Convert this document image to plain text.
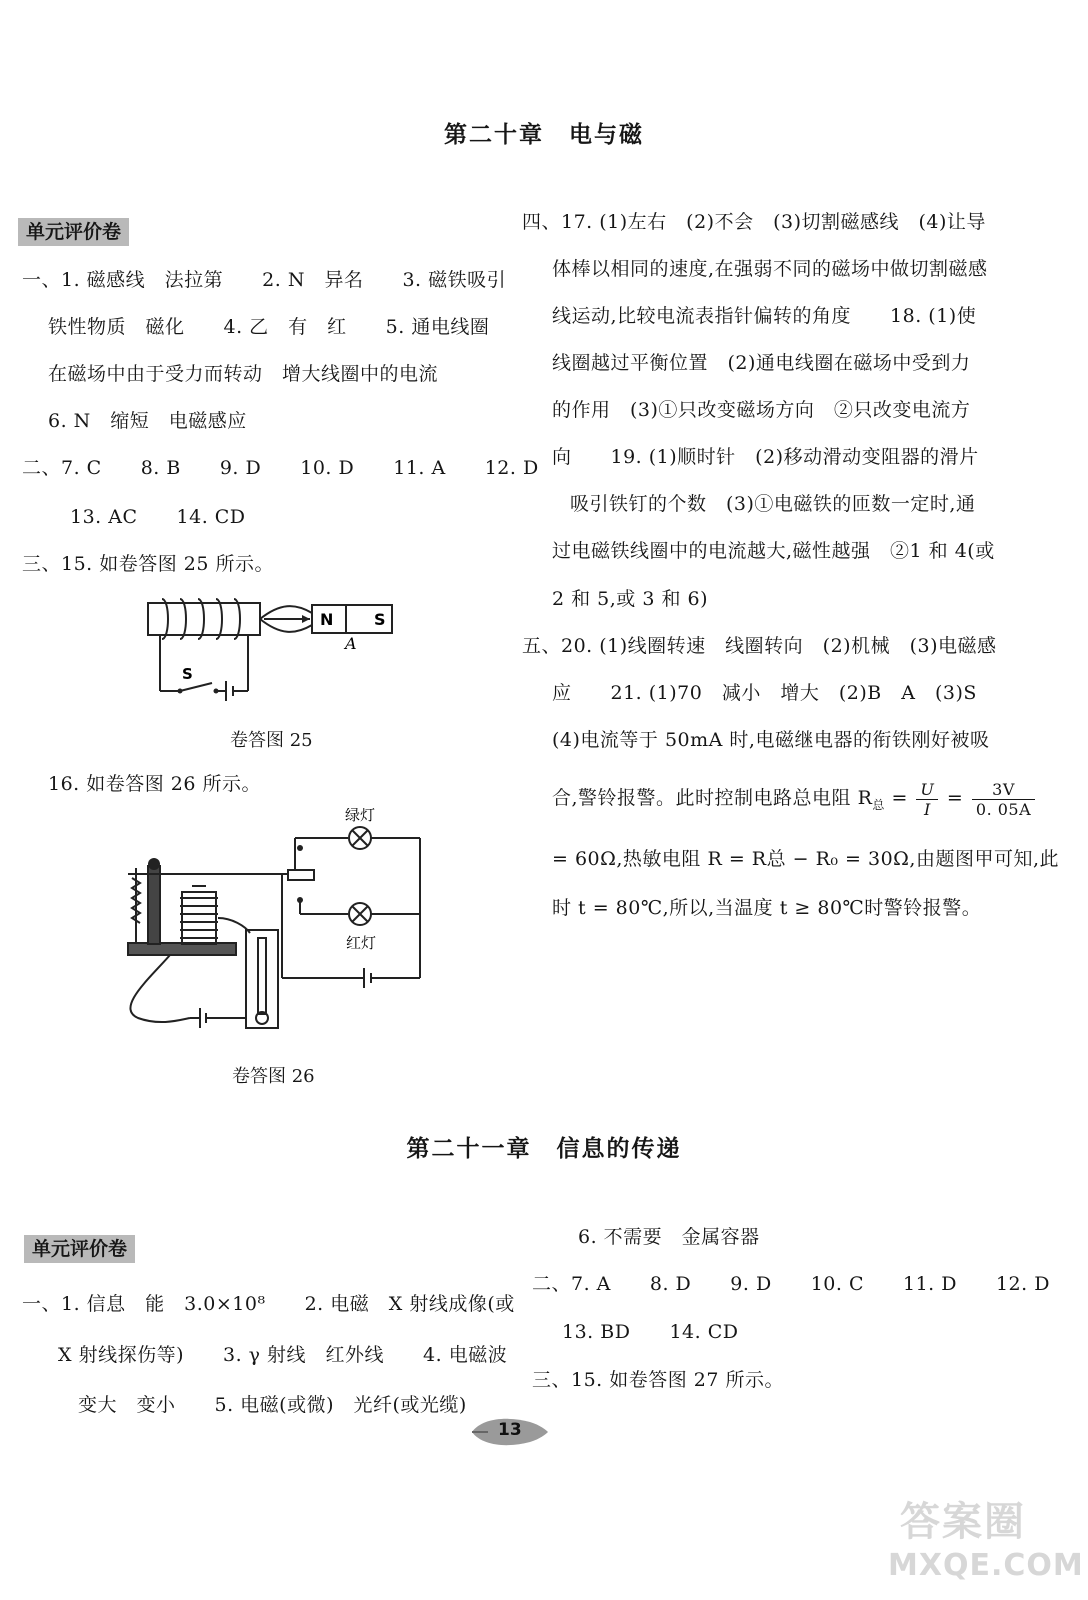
第二十章　电与磁
单元评价卷
一、1. 磁感线　法拉第　　2. N　异名　　3. 磁铁吸引
铁性物质　磁化　　4. 乙　有　红　　5. 通电线圈
在磁场中由于受力而转动　增大线圈中的电流
6. N　缩短　电磁感应
二、7. C　　8. B　　9. D　　10. D　　11. A　　12. D
13. AC　　14. CD
三、15. 如卷答图 25 所示。
N	S
A
S
卷答图 25
16. 如卷答图 26 所示。
绿灯
红灯
卷答图 26
四、17. (1)左右　(2)不会　(3)切割磁感线　(4)让导
体棒以相同的速度,在强弱不同的磁场中做切割磁感
线运动,比较电流表指针偏转的角度　　18. (1)使
线圈越过平衡位置　(2)通电线圈在磁场中受到力
的作用　(3)①只改变磁场方向　②只改变电流方
向　　19. (1)顺时针　(2)移动滑动变阻器的滑片
吸引铁钉的个数　(3)①电磁铁的匝数一定时,通
过电磁铁线圈中的电流越大,磁性越强　②1 和 4(或
2 和 5,或 3 和 6)
五、20. (1)线圈转速　线圈转向　(2)机械　(3)电磁感
应　　21. (1)70　减小　增大　(2)B　A　(3)S
(4)电流等于 50mA 时,电磁继电器的衔铁刚好被吸
合,警铃报警。此时控制电路总电阻 $R_总 = \frac{U}{I} = \frac{3V}{0. 05A}$
= 60Ω,热敏电阻 R = R总 − R₀ = 30Ω,由题图甲可知,此
时 t = 80℃,所以,当温度 t ≥ 80℃时警铃报警。
第二十一章　信息的传递
单元评价卷
一、1. 信息　能　3.0×10⁸　　2. 电磁　X 射线成像(或
X 射线探伤等)　　3. γ 射线　红外线　　4. 电磁波
变大　变小　　5. 电磁(或微)　光纤(或光缆)
6. 不需要　金属容器
二、7. A　　8. D　　9. D　　10. C　　11. D　　12. D
13. BD　　14. CD
三、15. 如卷答图 27 所示。
13
答案圈
MXQE.COM
